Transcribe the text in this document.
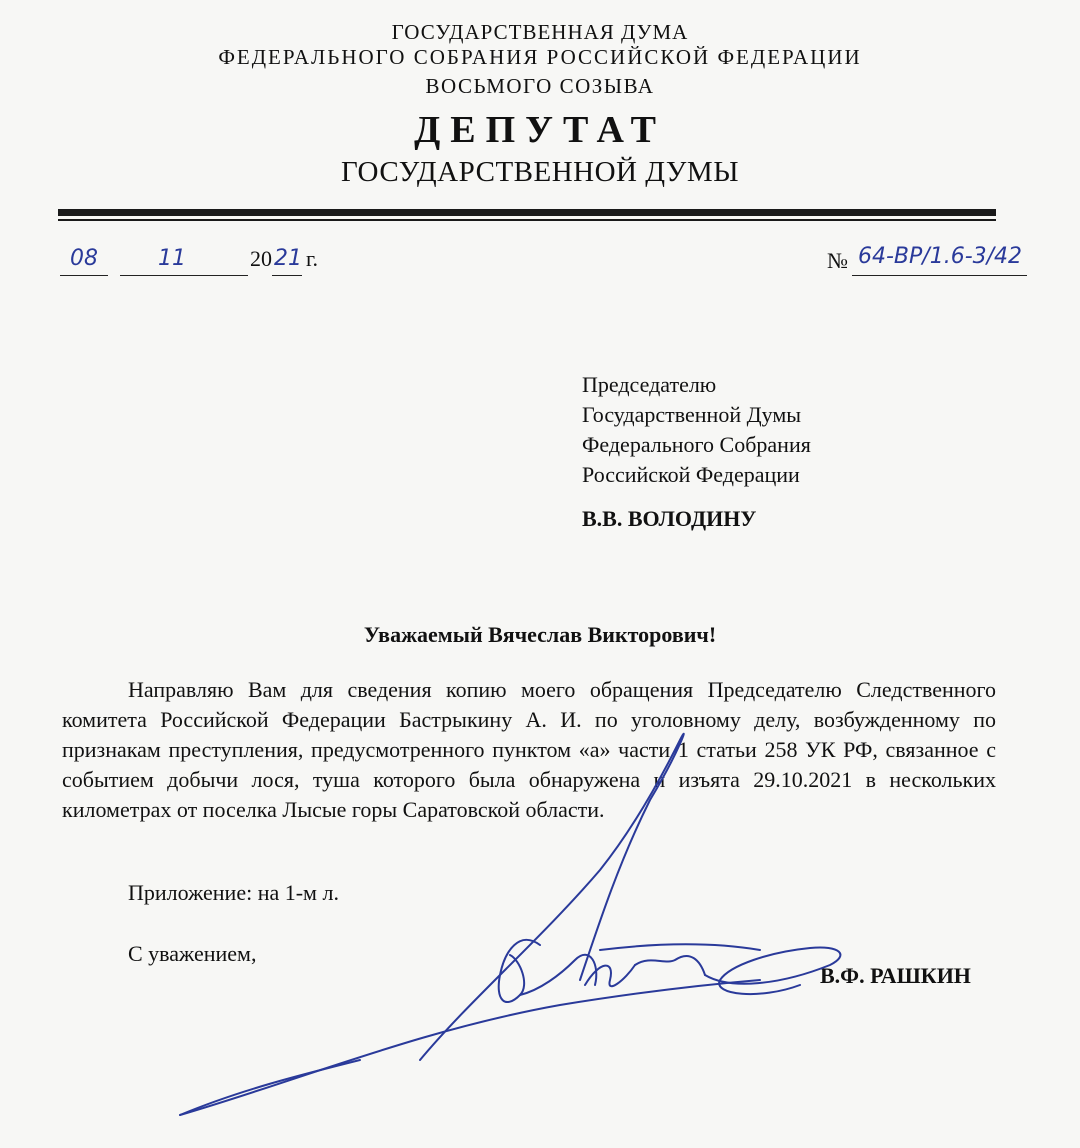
ГОСУДАРСТВЕННАЯ ДУМА
ФЕДЕРАЛЬНОГО СОБРАНИЯ РОССИЙСКОЙ ФЕДЕРАЦИИ
ВОСЬМОГО СОЗЫВА
ДЕПУТАТ
ГОСУДАРСТВЕННОЙ ДУМЫ
08	11	20 21 г.	№ 64-ВР/1.6-3/42
Председателю
Государственной Думы
Федерального Собрания
Российской Федерации
В.В. ВОЛОДИНУ
Уважаемый Вячеслав Викторович!
Направляю Вам для сведения копию моего обращения Председателю Следственного комитета Российской Федерации Бастрыкину А. И. по уголовному делу, возбужденному по признакам преступления, предусмотренного пунктом «а» части 1 статьи 258 УК РФ, связанное с событием добычи лося, туша которого была обнаружена и изъята 29.10.2021 в нескольких километрах от поселка Лысые горы Саратовской области.
Приложение: на 1-м л.
С уважением,
В.Ф. РАШКИН
